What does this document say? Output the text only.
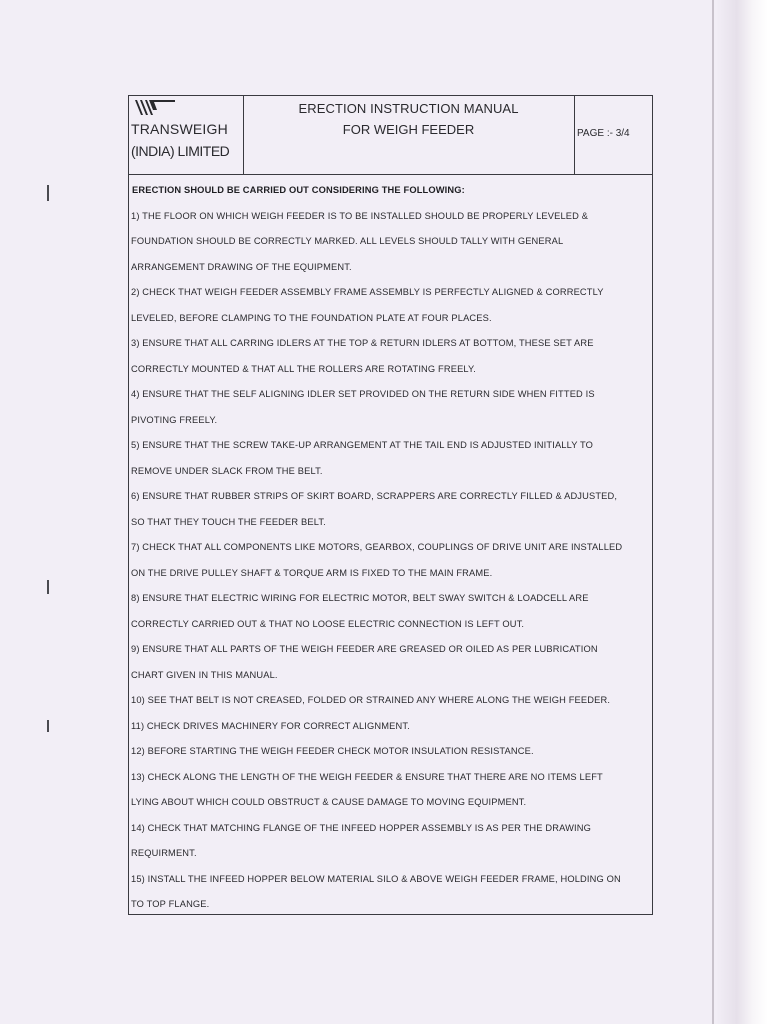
TRANSWEIGH
(INDIA) LIMITED
ERECTION INSTRUCTION MANUAL
FOR WEIGH FEEDER	PAGE :- 3/4
ERECTION SHOULD BE CARRIED OUT CONSIDERING THE FOLLOWING:
1) THE FLOOR ON WHICH WEIGH FEEDER IS TO BE INSTALLED SHOULD BE PROPERLY LEVELED &
FOUNDATION SHOULD BE CORRECTLY MARKED. ALL LEVELS SHOULD TALLY WITH GENERAL
ARRANGEMENT DRAWING OF THE EQUIPMENT.
2) CHECK THAT WEIGH FEEDER ASSEMBLY FRAME ASSEMBLY IS PERFECTLY ALIGNED & CORRECTLY
LEVELED, BEFORE CLAMPING TO THE FOUNDATION PLATE AT FOUR PLACES.
3) ENSURE THAT ALL CARRING IDLERS AT THE TOP & RETURN IDLERS AT BOTTOM, THESE SET ARE
CORRECTLY MOUNTED & THAT ALL THE ROLLERS ARE ROTATING FREELY.
4) ENSURE THAT THE SELF ALIGNING IDLER SET PROVIDED ON THE RETURN SIDE WHEN FITTED IS
PIVOTING FREELY.
5) ENSURE THAT THE SCREW TAKE-UP ARRANGEMENT AT THE TAIL END IS ADJUSTED INITIALLY TO
REMOVE UNDER SLACK FROM THE BELT.
6) ENSURE THAT RUBBER STRIPS OF SKIRT BOARD, SCRAPPERS ARE CORRECTLY FILLED & ADJUSTED,
SO THAT THEY TOUCH THE FEEDER BELT.
7) CHECK THAT ALL COMPONENTS LIKE MOTORS, GEARBOX, COUPLINGS OF DRIVE UNIT ARE INSTALLED
ON THE DRIVE PULLEY SHAFT & TORQUE ARM IS FIXED TO THE MAIN FRAME.
8) ENSURE THAT ELECTRIC WIRING FOR ELECTRIC MOTOR, BELT SWAY SWITCH & LOADCELL ARE
CORRECTLY CARRIED OUT & THAT NO LOOSE ELECTRIC CONNECTION IS LEFT OUT.
9) ENSURE THAT ALL PARTS OF THE WEIGH FEEDER ARE GREASED OR OILED AS PER LUBRICATION
CHART GIVEN IN THIS MANUAL.
10) SEE THAT BELT IS NOT CREASED, FOLDED OR STRAINED ANY WHERE ALONG THE WEIGH FEEDER.
11) CHECK DRIVES MACHINERY FOR CORRECT ALIGNMENT.
12) BEFORE STARTING THE WEIGH FEEDER CHECK MOTOR INSULATION RESISTANCE.
13) CHECK ALONG THE LENGTH OF THE WEIGH FEEDER & ENSURE THAT THERE ARE NO ITEMS LEFT
LYING ABOUT WHICH COULD OBSTRUCT & CAUSE DAMAGE TO MOVING EQUIPMENT.
14) CHECK THAT MATCHING FLANGE OF THE INFEED HOPPER ASSEMBLY IS AS PER THE DRAWING
REQUIRMENT.
15) INSTALL THE INFEED HOPPER BELOW MATERIAL SILO & ABOVE WEIGH FEEDER FRAME, HOLDING ON
TO TOP FLANGE.
